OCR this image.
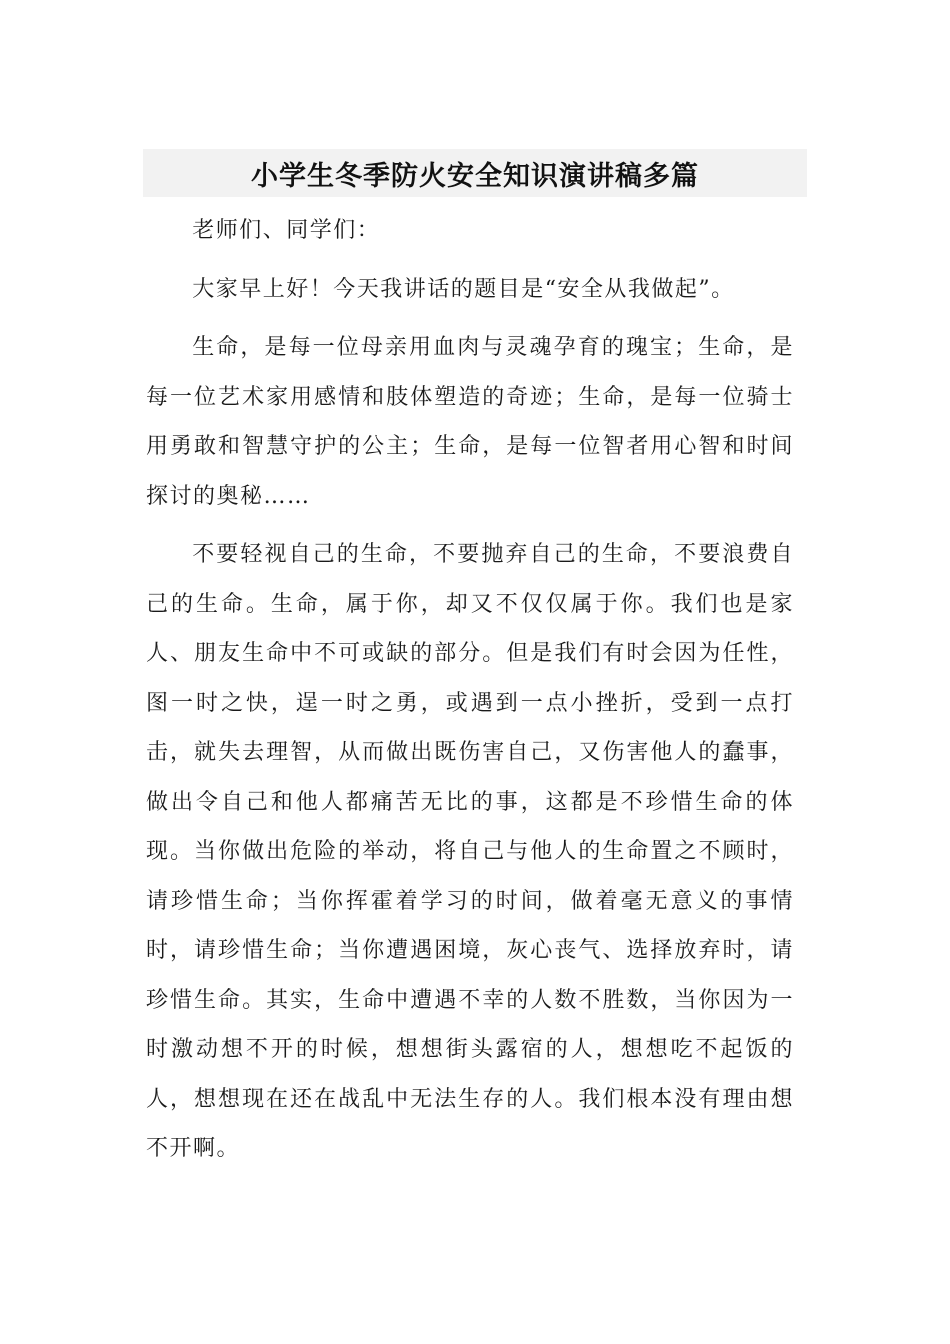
小学生冬季防火安全知识演讲稿多篇

老师们、同学们：

大家早上好！今天我讲话的题目是“安全从我做起”。

生命，是每一位母亲用血肉与灵魂孕育的瑰宝；生命，是每一位艺术家用感情和肢体塑造的奇迹；生命，是每一位骑士用勇敢和智慧守护的公主；生命，是每一位智者用心智和时间探讨的奥秘……

不要轻视自己的生命，不要抛弃自己的生命，不要浪费自己的生命。生命，属于你，却又不仅仅属于你。我们也是家人、朋友生命中不可或缺的部分。但是我们有时会因为任性，图一时之快，逞一时之勇，或遇到一点小挫折，受到一点打击，就失去理智，从而做出既伤害自己，又伤害他人的蠢事，做出令自己和他人都痛苦无比的事，这都是不珍惜生命的体现。当你做出危险的举动，将自己与他人的生命置之不顾时，请珍惜生命；当你挥霍着学习的时间，做着毫无意义的事情时，请珍惜生命；当你遭遇困境，灰心丧气、选择放弃时，请珍惜生命。其实，生命中遭遇不幸的人数不胜数，当你因为一时激动想不开的时候，想想街头露宿的人，想想吃不起饭的人，想想现在还在战乱中无法生存的人。我们根本没有理由想不开啊。
